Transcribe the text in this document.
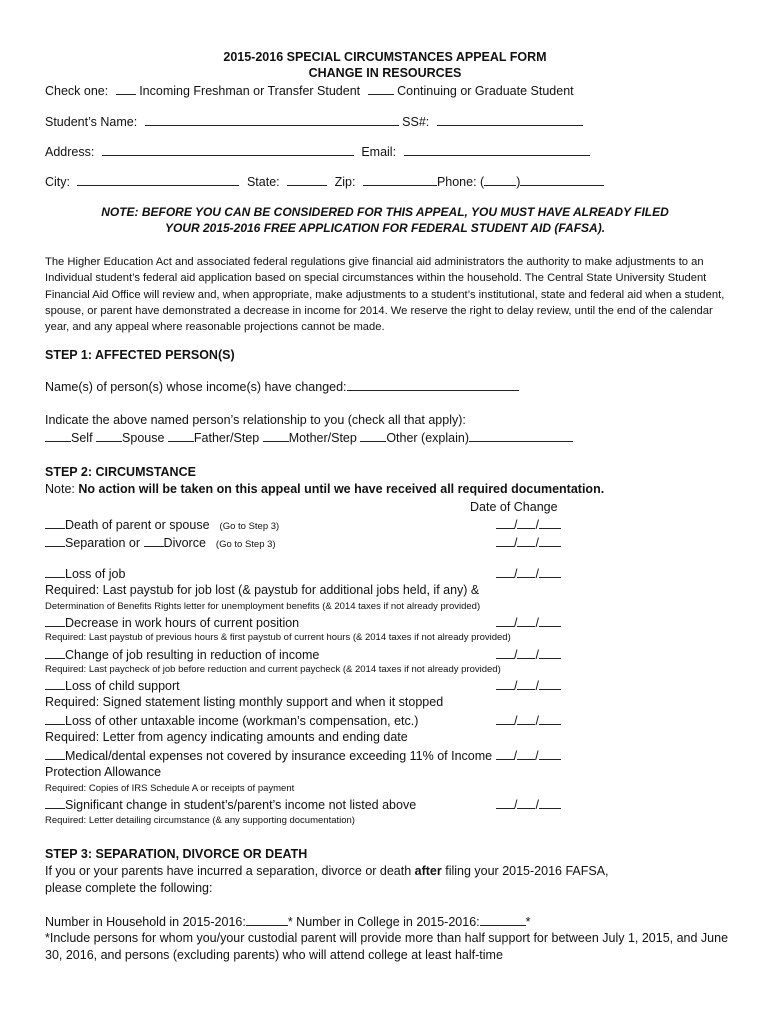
2015-2016 SPECIAL CIRCUMSTANCES APPEAL FORM
CHANGE IN RESOURCES
Check one: Incoming Freshman or Transfer Student	Continuing or Graduate Student
Student’s Name:	SS#:
Address:	Email:
City:	State:	Zip:	Phone: (	)
NOTE: BEFORE YOU CAN BE CONSIDERED FOR THIS APPEAL, YOU MUST HAVE ALREADY FILED
YOUR 2015-2016 FREE APPLICATION FOR FEDERAL STUDENT AID (FAFSA).
The Higher Education Act and associated federal regulations give financial aid administrators the authority to make adjustments to an Individual student’s federal aid application based on special circumstances within the household. The Central State University Student Financial Aid Office will review and, when appropriate, make adjustments to a student’s institutional, state and federal aid when a student, spouse, or parent have demonstrated a decrease in income for 2014. We reserve the right to delay review, until the end of the calendar year, and any appeal where reasonable projections cannot be made.
STEP 1: AFFECTED PERSON(S)
Name(s) of person(s) whose income(s) have changed:
Indicate the above named person’s relationship to you (check all that apply):
Self Spouse Father/Step Mother/Step Other (explain)
STEP 2: CIRCUMSTANCE
Note: No action will be taken on this appeal until we have received all required documentation.
Date of Change
Death of parent or spouse (Go to Step 3)	/ /
Separation or Divorce (Go to Step 3)	/ /
Loss of job	/ /
Required: Last paystub for job lost (& paystub for additional jobs held, if any) &
Determination of Benefits Rights letter for unemployment benefits (& 2014 taxes if not already provided)
Decrease in work hours of current position	/ /
Required: Last paystub of previous hours & first paystub of current hours (& 2014 taxes if not already provided)
Change of job resulting in reduction of income	/ /
Required: Last paycheck of job before reduction and current paycheck (& 2014 taxes if not already provided)
Loss of child support	/ /
Required: Signed statement listing monthly support and when it stopped
Loss of other untaxable income (workman’s compensation, etc.)	/ /
Required: Letter from agency indicating amounts and ending date
Medical/dental expenses not covered by insurance exceeding 11% of Income / /
Protection Allowance
Required: Copies of IRS Schedule A or receipts of payment
Significant change in student’s/parent’s income not listed above	/ /
Required: Letter detailing circumstance (& any supporting documentation)
STEP 3: SEPARATION, DIVORCE OR DEATH
If you or your parents have incurred a separation, divorce or death after filing your 2015-2016 FAFSA,
please complete the following:
Number in Household in 2015-2016:	* Number in College in 2015-2016:	*
*Include persons for whom you/your custodial parent will provide more than half support for between July 1, 2015, and June 30, 2016, and persons (excluding parents) who will attend college at least half-time
